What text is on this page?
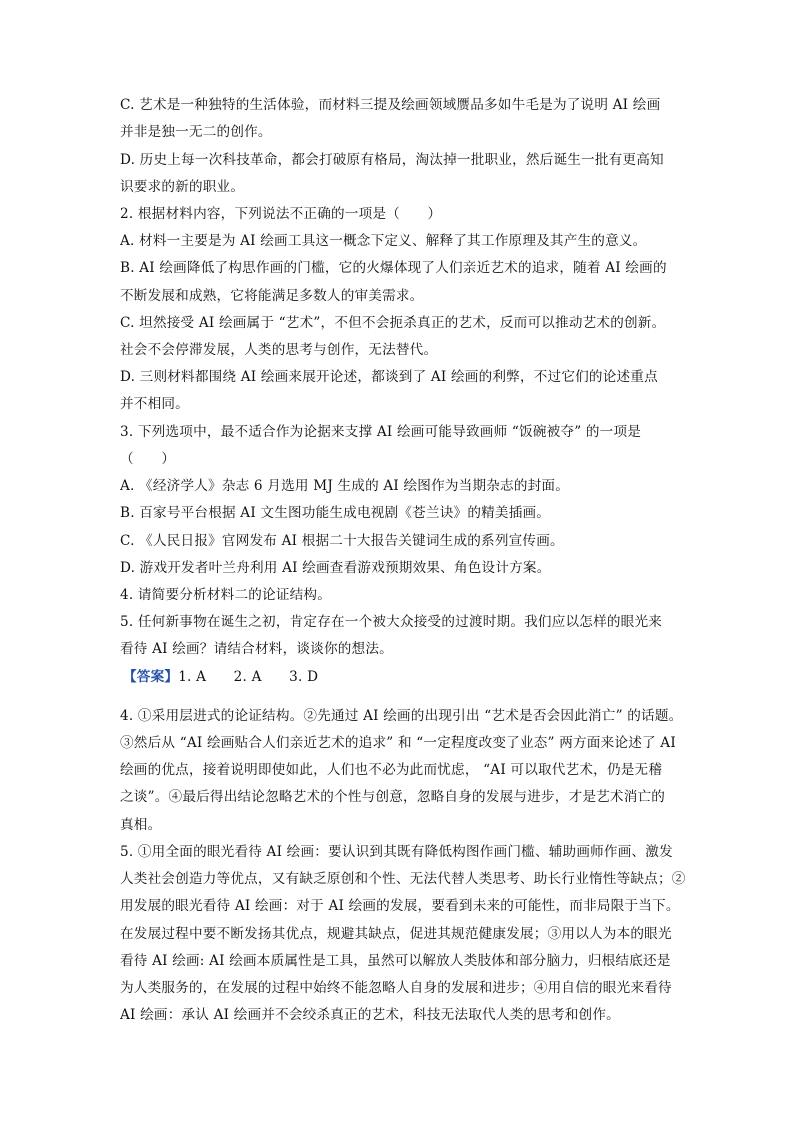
C. 艺术是一种独特的生活体验，而材料三提及绘画领域赝品多如牛毛是为了说明 AI 绘画
并非是独一无二的创作。
D. 历史上每一次科技革命，都会打破原有格局，淘汰掉一批职业，然后诞生一批有更高知
识要求的新的职业。
2. 根据材料内容，下列说法不正确的一项是（　　）
A. 材料一主要是为 AI 绘画工具这一概念下定义、解释了其工作原理及其产生的意义。
B. AI 绘画降低了构思作画的门槛，它的火爆体现了人们亲近艺术的追求，随着 AI 绘画的
不断发展和成熟，它将能满足多数人的审美需求。
C. 坦然接受 AI 绘画属于 “艺术”，不但不会扼杀真正的艺术，反而可以推动艺术的创新。
社会不会停滞发展，人类的思考与创作，无法替代。
D. 三则材料都围绕 AI 绘画来展开论述，都谈到了 AI 绘画的利弊，不过它们的论述重点
并不相同。
3. 下列选项中，最不适合作为论据来支撑 AI 绘画可能导致画师 “饭碗被夺” 的一项是
（　　）
A. 《经济学人》杂志 6 月选用 MJ 生成的 AI 绘图作为当期杂志的封面。
B. 百家号平台根据 AI 文生图功能生成电视剧《苍兰诀》的精美插画。
C. 《人民日报》官网发布 AI 根据二十大报告关键词生成的系列宣传画。
D. 游戏开发者叶兰舟利用 AI 绘画查看游戏预期效果、角色设计方案。
4. 请简要分析材料二的论证结构。
5. 任何新事物在诞生之初，肯定存在一个被大众接受的过渡时期。我们应以怎样的眼光来
看待 AI 绘画？请结合材料，谈谈你的想法。
【答案】1. A　　2. A　　3. D
4. ①采用层进式的论证结构。②先通过 AI 绘画的出现引出 “艺术是否会因此消亡” 的话题。
③然后从 “AI 绘画贴合人们亲近艺术的追求” 和 “一定程度改变了业态” 两方面来论述了 AI
绘画的优点，接着说明即使如此，人们也不必为此而忧虑， “AI 可以取代艺术，仍是无稽
之谈”。④最后得出结论忽略艺术的个性与创意，忽略自身的发展与进步，才是艺术消亡的
真相。
5. ①用全面的眼光看待 AI 绘画：要认识到其既有降低构图作画门槛、辅助画师作画、激发
人类社会创造力等优点，又有缺乏原创和个性、无法代替人类思考、助长行业惰性等缺点；②
用发展的眼光看待 AI 绘画：对于 AI 绘画的发展，要看到未来的可能性，而非局限于当下。
在发展过程中要不断发扬其优点，规避其缺点，促进其规范健康发展；③用以人为本的眼光
看待 AI 绘画: AI 绘画本质属性是工具，虽然可以解放人类肢体和部分脑力，归根结底还是
为人类服务的，在发展的过程中始终不能忽略人自身的发展和进步；④用自信的眼光来看待
AI 绘画：承认 AI 绘画并不会绞杀真正的艺术，科技无法取代人类的思考和创作。
